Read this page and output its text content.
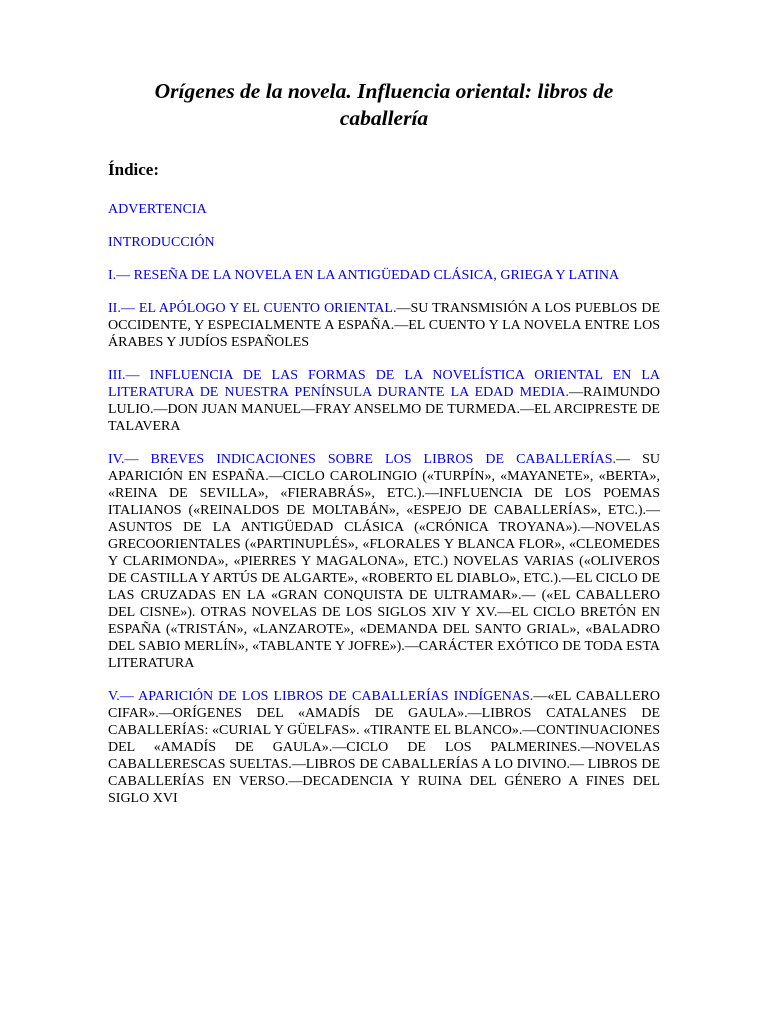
Orígenes de la novela. Influencia oriental: libros de caballería
Índice:

ADVERTENCIA

INTRODUCCIÓN

I.— RESEÑA DE LA NOVELA EN LA ANTIGÜEDAD CLÁSICA, GRIEGA Y LATINA

II.— EL APÓLOGO Y EL CUENTO ORIENTAL.—SU TRANSMISIÓN A LOS PUEBLOS DE OCCIDENTE, Y ESPECIALMENTE A ESPAÑA.—EL CUENTO Y LA NOVELA ENTRE LOS ÁRABES Y JUDÍOS ESPAÑOLES

III.— INFLUENCIA DE LAS FORMAS DE LA NOVELÍSTICA ORIENTAL EN LA LITERATURA DE NUESTRA PENÍNSULA DURANTE LA EDAD MEDIA.—RAIMUNDO LULIO.—DON JUAN MANUEL—FRAY ANSELMO DE TURMEDA.—EL ARCIPRESTE DE TALAVERA

IV.— BREVES INDICACIONES SOBRE LOS LIBROS DE CABALLERÍAS.— SU APARICIÓN EN ESPAÑA.—CICLO CAROLINGIO («TURPÍN», «MAYANETE», «BERTA», «REINA DE SEVILLA», «FIERABRÁS», ETC.).—INFLUENCIA DE LOS POEMAS ITALIANOS («REINALDOS DE MOLTABÁN», «ESPEJO DE CABALLERÍAS», ETC.).—ASUNTOS DE LA ANTIGÜEDAD CLÁSICA («CRÓNICA TROYANA»).—NOVELAS GRECOORIENTALES («PARTINUPLÉS», «FLORALES Y BLANCA FLOR», «CLEOMEDES Y CLARIMONDA», «PIERRES Y MAGALONA», ETC.) NOVELAS VARIAS («OLIVEROS DE CASTILLA Y ARTÚS DE ALGARTE», «ROBERTO EL DIABLO», ETC.).—EL CICLO DE LAS CRUZADAS EN LA «GRAN CONQUISTA DE ULTRAMAR».— («EL CABALLERO DEL CISNE»). OTRAS NOVELAS DE LOS SIGLOS XIV Y XV.—EL CICLO BRETÓN EN ESPAÑA («TRISTÁN», «LANZAROTE», «DEMANDA DEL SANTO GRIAL», «BALADRO DEL SABIO MERLÍN», «TABLANTE Y JOFRE»).—CARÁCTER EXÓTICO DE TODA ESTA LITERATURA

V.— APARICIÓN DE LOS LIBROS DE CABALLERÍAS INDÍGENAS.—«EL CABALLERO CIFAR».—ORÍGENES DEL «AMADÍS DE GAULA».—LIBROS CATALANES DE CABALLERÍAS: «CURIAL Y GÜELFAS». «TIRANTE EL BLANCO».—CONTINUACIONES DEL «AMADÍS DE GAULA».—CICLO DE LOS PALMERINES.—NOVELAS CABALLERESCAS SUELTAS.—LIBROS DE CABALLERÍAS A LO DIVINO.— LIBROS DE CABALLERÍAS EN VERSO.—DECADENCIA Y RUINA DEL GÉNERO A FINES DEL SIGLO XVI
